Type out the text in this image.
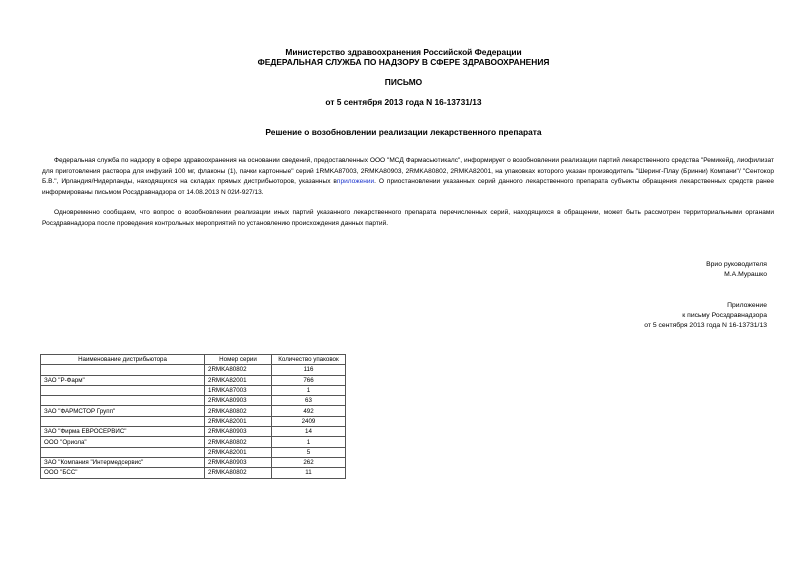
Министерство здравоохранения Российской Федерации
ФЕДЕРАЛЬНАЯ СЛУЖБА ПО НАДЗОРУ В СФЕРЕ ЗДРАВООХРАНЕНИЯ
ПИСЬМО
от 5 сентября 2013 года N 16-13731/13
Решение о возобновлении реализации лекарственного препарата
Федеральная служба по надзору в сфере здравоохранения на основании сведений, предоставленных ООО "МСД Фармасьютикалс", информирует о возобновлении реализации партий лекарственного средства "Ремикейд, лиофилизат для приготовления раствора для инфузий 100 мг, флаконы (1), пачки картонные" серий 1RMKA87003, 2RMKA80903, 2RMKA80802, 2RMKA82001, на упаковках которого указан производитель "Шеринг-Плау (Бринни) Компани"/ "Сентокор Б.В.", Ирландия/Нидерланды, находящихся на складах прямых дистрибьюторов, указанных вприложении. О приостановлении указанных серий данного лекарственного препарата субъекты обращения лекарственных средств ранее информированы письмом Росздравнадзора от 14.08.2013 N 02И-927/13.
Одновременно сообщаем, что вопрос о возобновлении реализации иных партий указанного лекарственного препарата перечисленных серий, находящихся в обращении, может быть рассмотрен территориальными органами Росздравнадзора после проведения контрольных мероприятий по установлению происхождения данных партий.
Врио руководителя
М.А.Мурашко
Приложение
к письму Росздравнадзора
от 5 сентября 2013 года N 16-13731/13
Наименование дистрибьютора	Номер серии	Количество упаковок
	2RMKA80802	116
ЗАО "Р-Фарм"	2RMKA82001	766
	1RMKA87003	1
	2RMKA80903	63
ЗАО "ФАРМСТОР Групп"	2RMKA80802	492
	2RMKA82001	2409
ЗАО "Фирма ЕВРОСЕРВИС"	2RMKA80903	14
ООО "Ориола"	2RMKA80802	1
	2RMKA82001	5
ЗАО "Компания "Интермедсервис"	2RMKA80903	262
ООО "БСС"	2RMKA80802	11
